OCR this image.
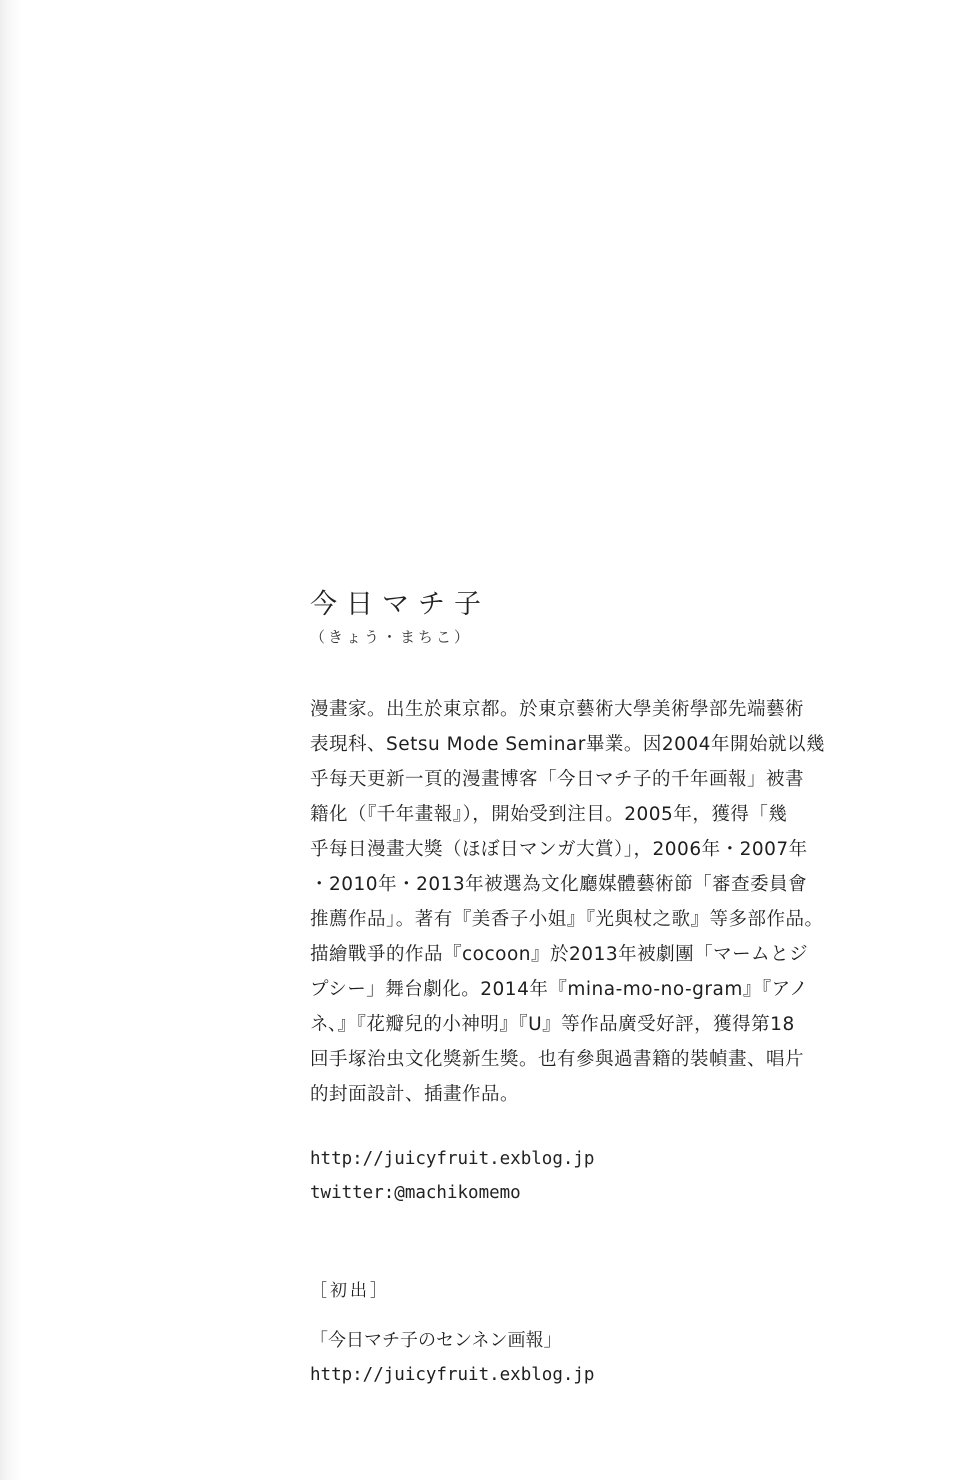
今日マチ子
（きょう・まちこ）
漫畫家。出生於東京都。於東京藝術大學美術學部先端藝術
表現科、Setsu Mode Seminar畢業。因2004年開始就以幾
乎每天更新一頁的漫畫博客「今日マチ子的千年画報」被書
籍化（『千年畫報』），開始受到注目。2005年，獲得「幾
乎每日漫畫大獎（ほぼ日マンガ大賞）」，2006年・2007年
・2010年・2013年被選為文化廳媒體藝術節「審查委員會
推薦作品」。著有『美香子小姐』『光與杖之歌』等多部作品。
描繪戰爭的作品『cocoon』於2013年被劇團「マームとジ
プシー」舞台劇化。2014年『mina-mo-no-gram』『アノ
ネ、』『花瓣兒的小神明』『U』等作品廣受好評，獲得第18
回手塚治虫文化獎新生獎。也有參與過書籍的裝幀畫、唱片
的封面設計、插畫作品。
http://juicyfruit.exblog.jp
twitter:@machikomemo
［初出］
「今日マチ子のセンネン画報」
http://juicyfruit.exblog.jp
